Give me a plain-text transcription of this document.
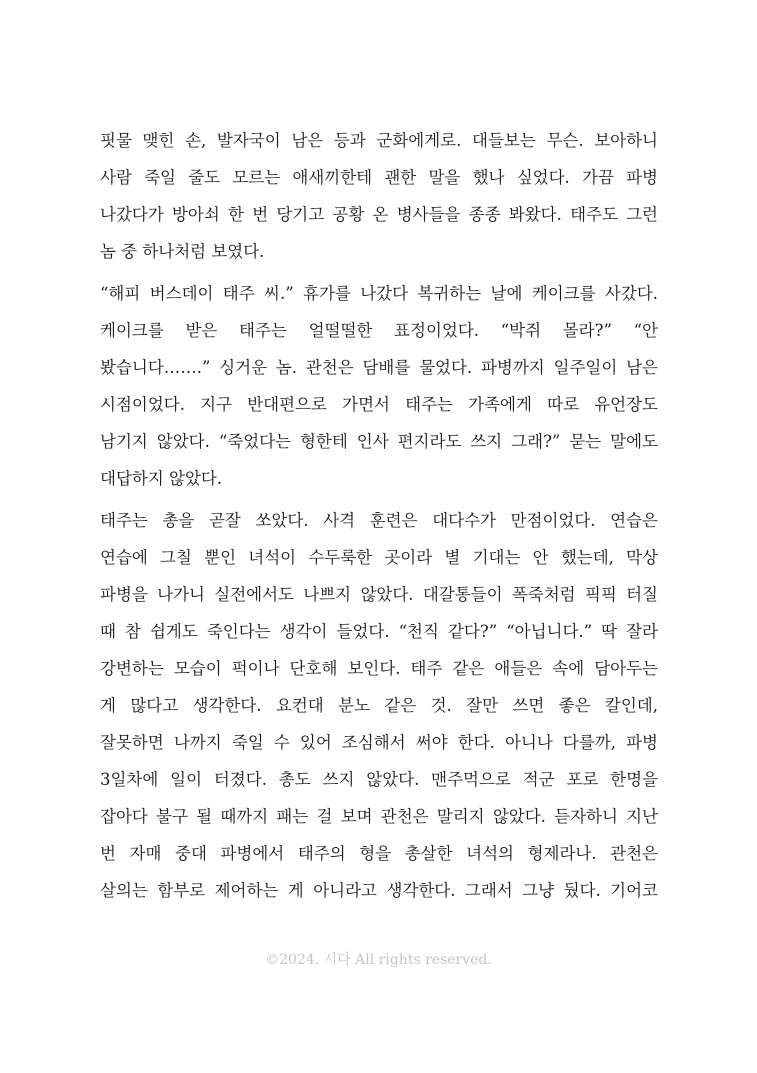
핏물 맺힌 손, 발자국이 남은 등과 군화에게로. 대들보는 무슨. 보아하니
사람 죽일 줄도 모르는 애새끼한테 괜한 말을 했나 싶었다. 가끔 파병
나갔다가 방아쇠 한 번 당기고 공황 온 병사들을 종종 봐왔다. 태주도 그런
놈 중 하나처럼 보였다.
“해피 버스데이 태주 씨.” 휴가를 나갔다 복귀하는 날에 케이크를 사갔다.
케이크를 받은 태주는 얼떨떨한 표정이었다. “박쥐 몰라?” “안
봤습니다…….” 싱거운 놈. 관천은 담배를 물었다. 파병까지 일주일이 남은
시점이었다. 지구 반대편으로 가면서 태주는 가족에게 따로 유언장도
남기지 않았다. “죽었다는 형한테 인사 편지라도 쓰지 그래?” 묻는 말에도
대답하지 않았다.
태주는 총을 곧잘 쏘았다. 사격 훈련은 대다수가 만점이었다. 연습은
연습에 그칠 뿐인 녀석이 수두룩한 곳이라 별 기대는 안 했는데, 막상
파병을 나가니 실전에서도 나쁘지 않았다. 대갈통들이 폭죽처럼 픽픽 터질
때 참 쉽게도 죽인다는 생각이 들었다. “천직 같다?” “아닙니다.” 딱 잘라
강변하는 모습이 퍽이나 단호해 보인다. 태주 같은 애들은 속에 담아두는
게 많다고 생각한다. 요컨대 분노 같은 것. 잘만 쓰면 좋은 칼인데,
잘못하면 나까지 죽일 수 있어 조심해서 써야 한다. 아니나 다를까, 파병
3일차에 일이 터졌다. 총도 쓰지 않았다. 맨주먹으로 적군 포로 한명을
잡아다 불구 될 때까지 패는 걸 보며 관천은 말리지 않았다. 듣자하니 지난
번 자매 중대 파병에서 태주의 형을 총살한 녀석의 형제라나. 관천은
살의는 함부로 제어하는 게 아니라고 생각한다. 그래서 그냥 뒀다. 기어코
©2024. 시다 All rights reserved.
